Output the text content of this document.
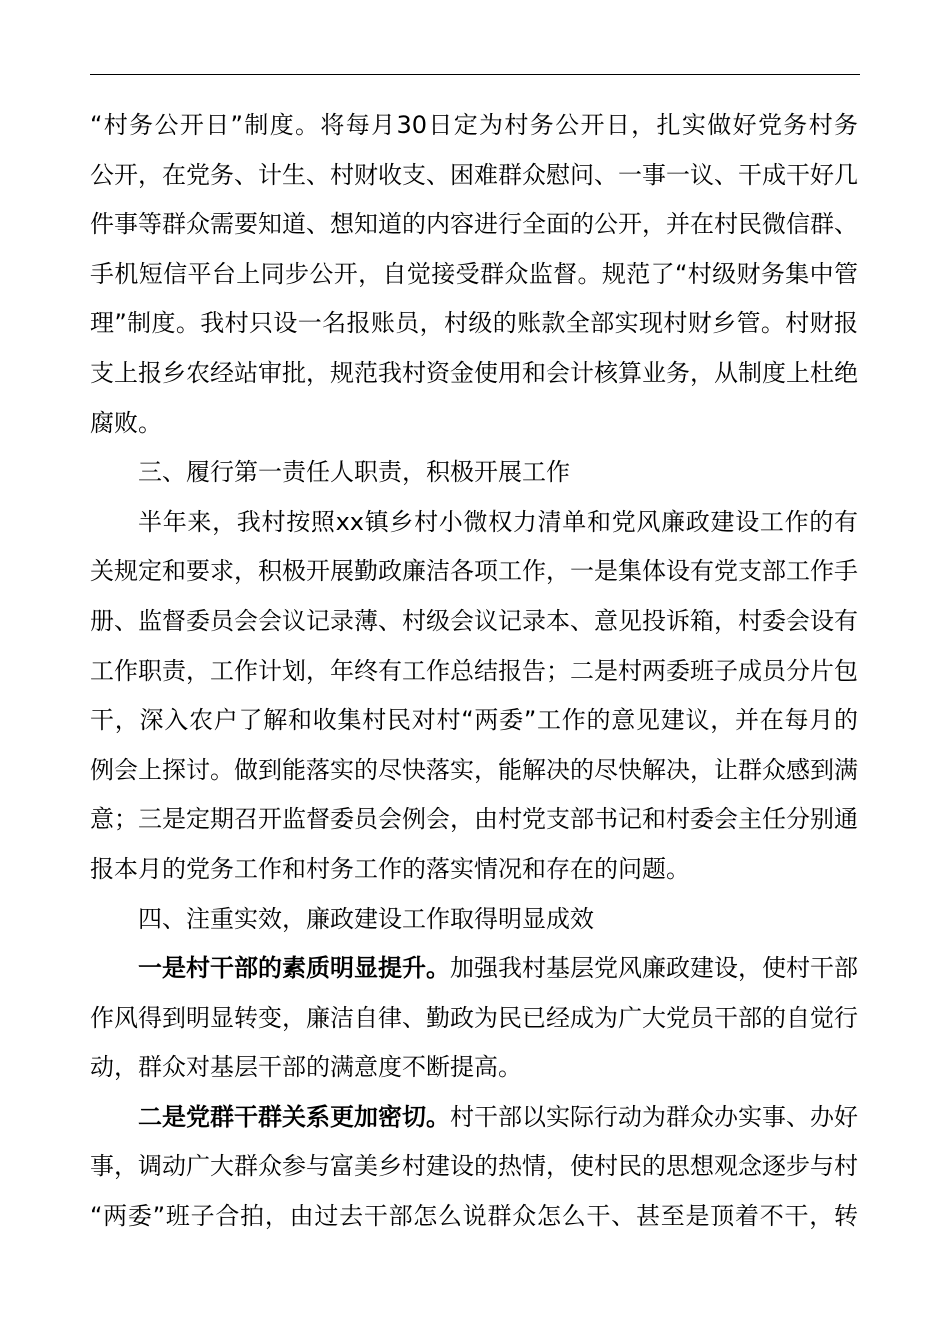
“村务公开日”制度。将每月30日定为村务公开日，扎实做好党务村务
公开，在党务、计生、村财收支、困难群众慰问、一事一议、干成干好几
件事等群众需要知道、想知道的内容进行全面的公开，并在村民微信群、
手机短信平台上同步公开，自觉接受群众监督。规范了“村级财务集中管
理”制度。我村只设一名报账员，村级的账款全部实现村财乡管。村财报
支上报乡农经站审批，规范我村资金使用和会计核算业务，从制度上杜绝
腐败。
三、履行第一责任人职责，积极开展工作
半年来，我村按照xx镇乡村小微权力清单和党风廉政建设工作的有
关规定和要求，积极开展勤政廉洁各项工作，一是集体设有党支部工作手
册、监督委员会会议记录薄、村级会议记录本、意见投诉箱，村委会设有
工作职责，工作计划，年终有工作总结报告；二是村两委班子成员分片包
干，深入农户了解和收集村民对村“两委”工作的意见建议，并在每月的
例会上探讨。做到能落实的尽快落实，能解决的尽快解决，让群众感到满
意；三是定期召开监督委员会例会，由村党支部书记和村委会主任分别通
报本月的党务工作和村务工作的落实情况和存在的问题。
四、注重实效，廉政建设工作取得明显成效
一是村干部的素质明显提升。加强我村基层党风廉政建设，使村干部
作风得到明显转变，廉洁自律、勤政为民已经成为广大党员干部的自觉行
动，群众对基层干部的满意度不断提高。
二是党群干群关系更加密切。村干部以实际行动为群众办实事、办好
事，调动广大群众参与富美乡村建设的热情，使村民的思想观念逐步与村
“两委”班子合拍，由过去干部怎么说群众怎么干、甚至是顶着不干，转
